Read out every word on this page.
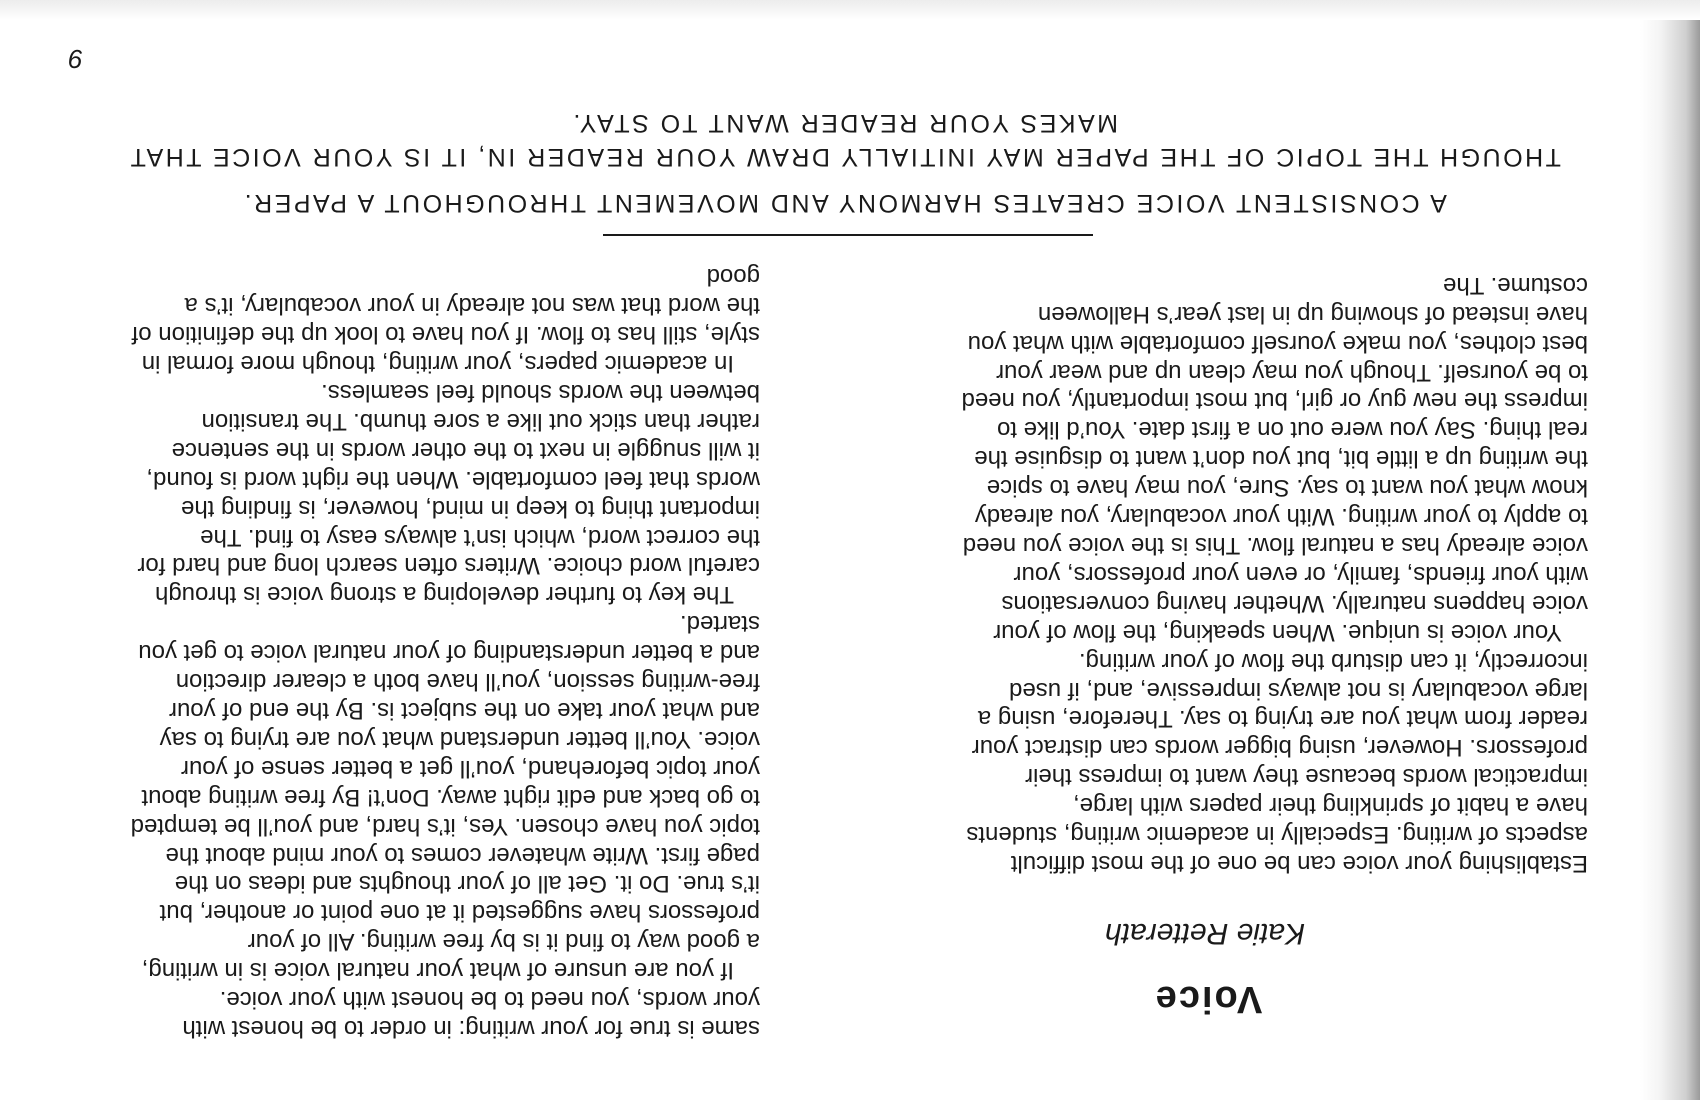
Voice
Katie Retterath

Establishing your voice can be one of the most difficult aspects of writing. Especially in academic writing, students have a habit of sprinkling their papers with large, impractical words because they want to impress their professors. However, using bigger words can distract your reader from what you are trying to say. Therefore, using a large vocabulary is not always impressive, and, if used incorrectly, it can disturb the flow of your writing.

Your voice is unique. When speaking, the flow of your voice happens naturally. Whether having conversations with your friends, family, or even your professors, your voice already has a natural flow. This is the voice you need to apply to your writing. With your vocabulary, you already know what you want to say. Sure, you may have to spice the writing up a little bit, but you don’t want to disguise the real thing. Say you were out on a first date. You’d like to impress the new guy or girl, but most importantly, you need to be yourself. Though you may clean up and wear your best clothes, you make yourself comfortable with what you have instead of showing up in last year’s Halloween costume. The

same is true for your writing: in order to be honest with your words, you need to be honest with your voice.

If you are unsure of what your natural voice is in writing, a good way to find it is by free writing. All of your professors have suggested it at one point or another, but it’s true. Do it. Get all of your thoughts and ideas on the page first. Write whatever comes to your mind about the topic you have chosen. Yes, it’s hard, and you’ll be tempted to go back and edit right away. Don’t! By free writing about your topic beforehand, you’ll get a better sense of your voice. You’ll better understand what you are trying to say and what your take on the subject is. By the end of your free-writing session, you’ll have both a clearer direction and a better understanding of your natural voice to get you started.

The key to further developing a strong voice is through careful word choice. Writers often search long and hard for the correct word, which isn’t always easy to find. The important thing to keep in mind, however, is finding the words that feel comfortable. When the right word is found, it will snuggle in next to the other words in the sentence rather than stick out like a sore thumb. The transition between the words should feel seamless.

In academic papers, your writing, though more formal in style, still has to flow. If you have to look up the definition of the word that was not already in your vocabulary, it’s a good

A CONSISTENT VOICE CREATES HARMONY AND MOVEMENT THROUGHOUT A PAPER.

THOUGH THE TOPIC OF THE PAPER MAY INITIALLY DRAW YOUR READER IN, IT IS YOUR VOICE THAT MAKES YOUR READER WANT TO STAY.

9
